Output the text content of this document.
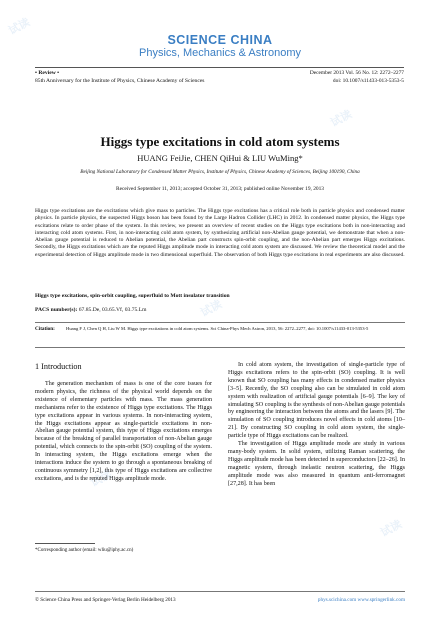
试读
试读
试读
试读
试读
SCIENCE CHINA
Physics, Mechanics & Astronomy
• Review •
85th Anniversary for the Institute of Physics, Chinese Academy of Sciences
December 2013 Vol. 56 No. 12: 2272–2277
doi: 10.1007/s11433-013-5353-5
Higgs type excitations in cold atom systems
HUANG FeiJie, CHEN QiHui & LIU WuMing*
Beijing National Laboratory for Condensed Matter Physics, Institute of Physics, Chinese Academy of Sciences, Beijing 100190, China
Received September 11, 2013; accepted October 31, 2013; published online November 19, 2013
Higgs type excitations are the excitations which give mass to particles. The Higgs type excitations has a critical role both in particle physics and condensed matter physics. In particle physics, the suspected Higgs boson has been found by the Large Hadron Collider (LHC) in 2012. In condensed matter physics, the Higgs type excitations relate to order phase of the system. In this review, we present an overview of recent studies on the Higgs type excitations both in non-interacting and interacting cold atom systems. First, in non-interacting cold atom system, by synthesizing artificial non-Abelian gauge potential, we demonstrate that when a non-Abelian gauge potential is reduced to Abelian potential, the Abelian part constructs spin-orbit coupling, and the non-Abelian part emerges Higgs excitations. Secondly, the Higgs excitations which are the reputed Higgs amplitude mode in interacting cold atom system are discussed. We review the theoretical model and the experimental detection of Higgs amplitude mode in two dimensional superfluid. The observation of both Higgs type excitations in real experiments are also discussed.
Higgs type excitations, spin-orbit coupling, superfluid to Mott insulator transition
PACS number(s): 67.85.De, 03.65.Vf, 03.75.Lm
Citation: Huang F J, Chen Q H, Liu W M. Higgs type excitations in cold atom systems. Sci China-Phys Mech Astron, 2013, 56: 2272–2277, doi: 10.1007/s11433-013-5353-5
1 Introduction

The generation mechanism of mass is one of the core issues for modern physics, the richness of the physical world depends on the existence of elementary particles with mass. The mass generation mechanisms refer to the existence of Higgs type excitations. The Higgs type excitations appear in various systems. In non-interacting system, the Higgs excitations appear as single-particle excitations in non-Abelian gauge potential system, this type of Higgs excitations emerges because of the breaking of parallel transportation of non-Abelian gauge potential, which connects to the spin-orbit (SO) coupling of the system. In interacting system, the Higgs excitations emerge when the interactions induce the system to go through a spontaneous breaking of continuous symmetry [1,2], this type of Higgs excitations are collective excitations, and is the reputed Higgs amplitude mode.

In cold atom system, the investigation of single-particle type of Higgs excitations refers to the spin-orbit (SO) coupling. It is well known that SO coupling has many effects in condensed matter physics [3–5]. Recently, the SO coupling also can be simulated in cold atom system with realization of artificial gauge potentials [6–9]. The key of simulating SO coupling is the synthesis of non-Abelian gauge potentials by engineering the interaction between the atoms and the lasers [9]. The simulation of SO coupling introduces novel effects in cold atoms [10–21]. By constructing SO coupling in cold atom system, the single-particle type of Higgs excitations can be realized.

The investigation of Higgs amplitude mode are study in various many-body system. In solid system, utilizing Raman scattering, the Higgs amplitude mode has been detected in superconductors [22–26]. In magnetic system, through inelastic neutron scattering, the Higgs amplitude mode was also measured in quantum anti-ferromagnet [27,28]. It has been

*Corresponding author (email: wliu@iphy.ac.cn)
© Science China Press and Springer-Verlag Berlin Heidelberg 2013	phys.scichina.com www.springerlink.com
